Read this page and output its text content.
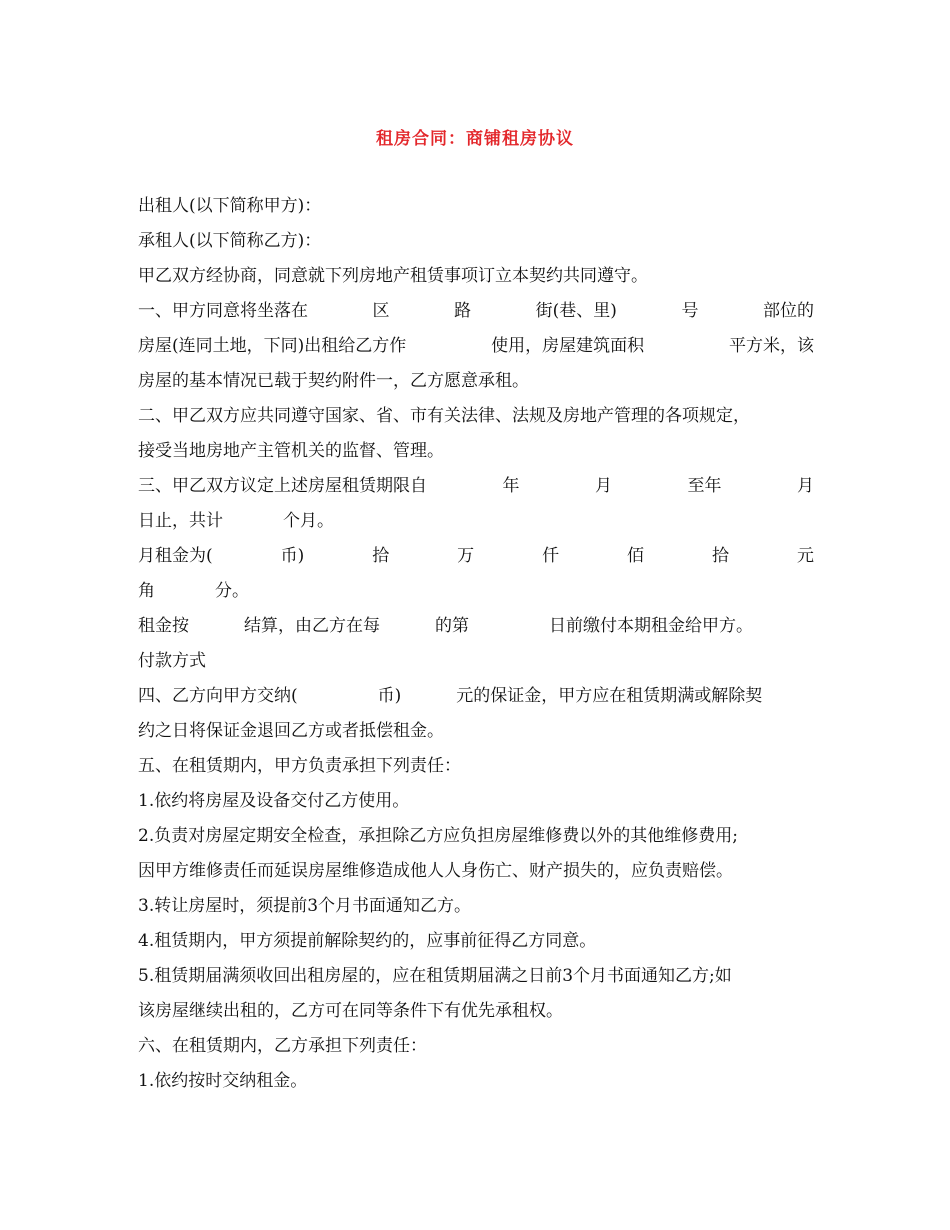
租房合同：商铺租房协议
出租人(以下简称甲方)：
承租人(以下简称乙方)：
甲乙双方经协商，同意就下列房地产租赁事项订立本契约共同遵守。
一、甲方同意将坐落在	区	路	街(巷、里)	号	部位的
房屋(连同土地，下同)出租给乙方作	使用，房屋建筑面积	平方米，该
房屋的基本情况已载于契约附件一，乙方愿意承租。
二、甲乙双方应共同遵守国家、省、市有关法律、法规及房地产管理的各项规定，
接受当地房地产主管机关的监督、管理。
三、甲乙双方议定上述房屋租赁期限自	年	月	至年	月
日止，共计	个月。
月租金为(	币)	拾	万	仟	佰	拾	元
角	分。
租金按	结算，由乙方在每	的第	日前缴付本期租金给甲方。
付款方式
四、乙方向甲方交纳(	币)	元的保证金，甲方应在租赁期满或解除契
约之日将保证金退回乙方或者抵偿租金。
五、在租赁期内，甲方负责承担下列责任：
1.依约将房屋及设备交付乙方使用。
2.负责对房屋定期安全检查，承担除乙方应负担房屋维修费以外的其他维修费用;
因甲方维修责任而延误房屋维修造成他人人身伤亡、财产损失的，应负责赔偿。
3.转让房屋时，须提前3个月书面通知乙方。
4.租赁期内，甲方须提前解除契约的，应事前征得乙方同意。
5.租赁期届满须收回出租房屋的，应在租赁期届满之日前3个月书面通知乙方;如
该房屋继续出租的，乙方可在同等条件下有优先承租权。
六、在租赁期内，乙方承担下列责任：
1.依约按时交纳租金。
